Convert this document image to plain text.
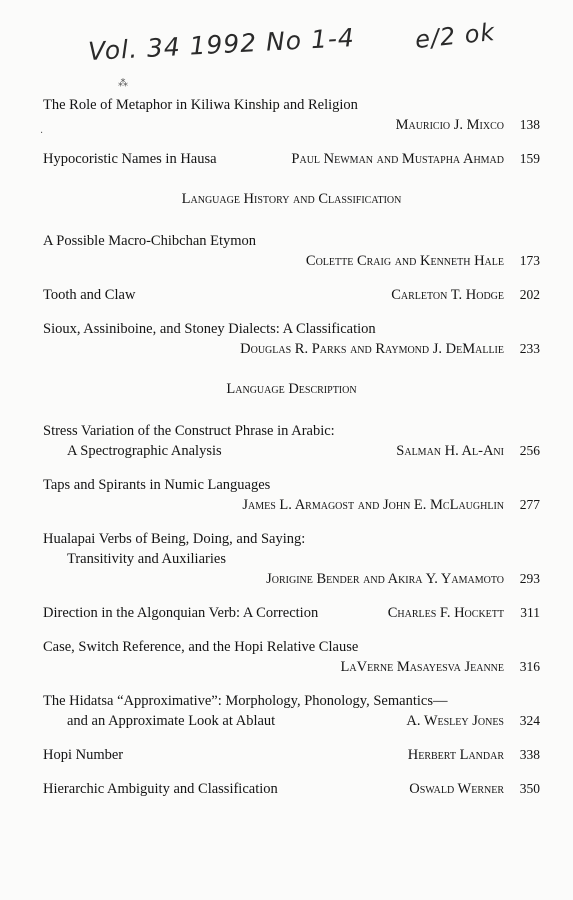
Vol. 34 1992 No 1-4 e/2 ok
⁂
·
The Role of Metaphor in Kiliwa Kinship and Religion
Mauricio J. Mixco	138
Hypocoristic Names in Hausa	Paul Newman and Mustapha Ahmad	159
Language History and Classification
A Possible Macro-Chibchan Etymon
Colette Craig and Kenneth Hale	173
Tooth and Claw	Carleton T. Hodge	202
Sioux, Assiniboine, and Stoney Dialects: A Classification
Douglas R. Parks and Raymond J. DeMallie	233
Language Description
Stress Variation of the Construct Phrase in Arabic:
A Spectrographic Analysis	Salman H. Al-Ani	256
Taps and Spirants in Numic Languages
James L. Armagost and John E. McLaughlin	277
Hualapai Verbs of Being, Doing, and Saying:
Transitivity and Auxiliaries
Jorigine Bender and Akira Y. Yamamoto	293
Direction in the Algonquian Verb: A Correction	Charles F. Hockett	311
Case, Switch Reference, and the Hopi Relative Clause
LaVerne Masayesva Jeanne	316
The Hidatsa “Approximative”: Morphology, Phonology, Semantics—
and an Approximate Look at Ablaut	A. Wesley Jones	324
Hopi Number	Herbert Landar	338
Hierarchic Ambiguity and Classification	Oswald Werner	350
